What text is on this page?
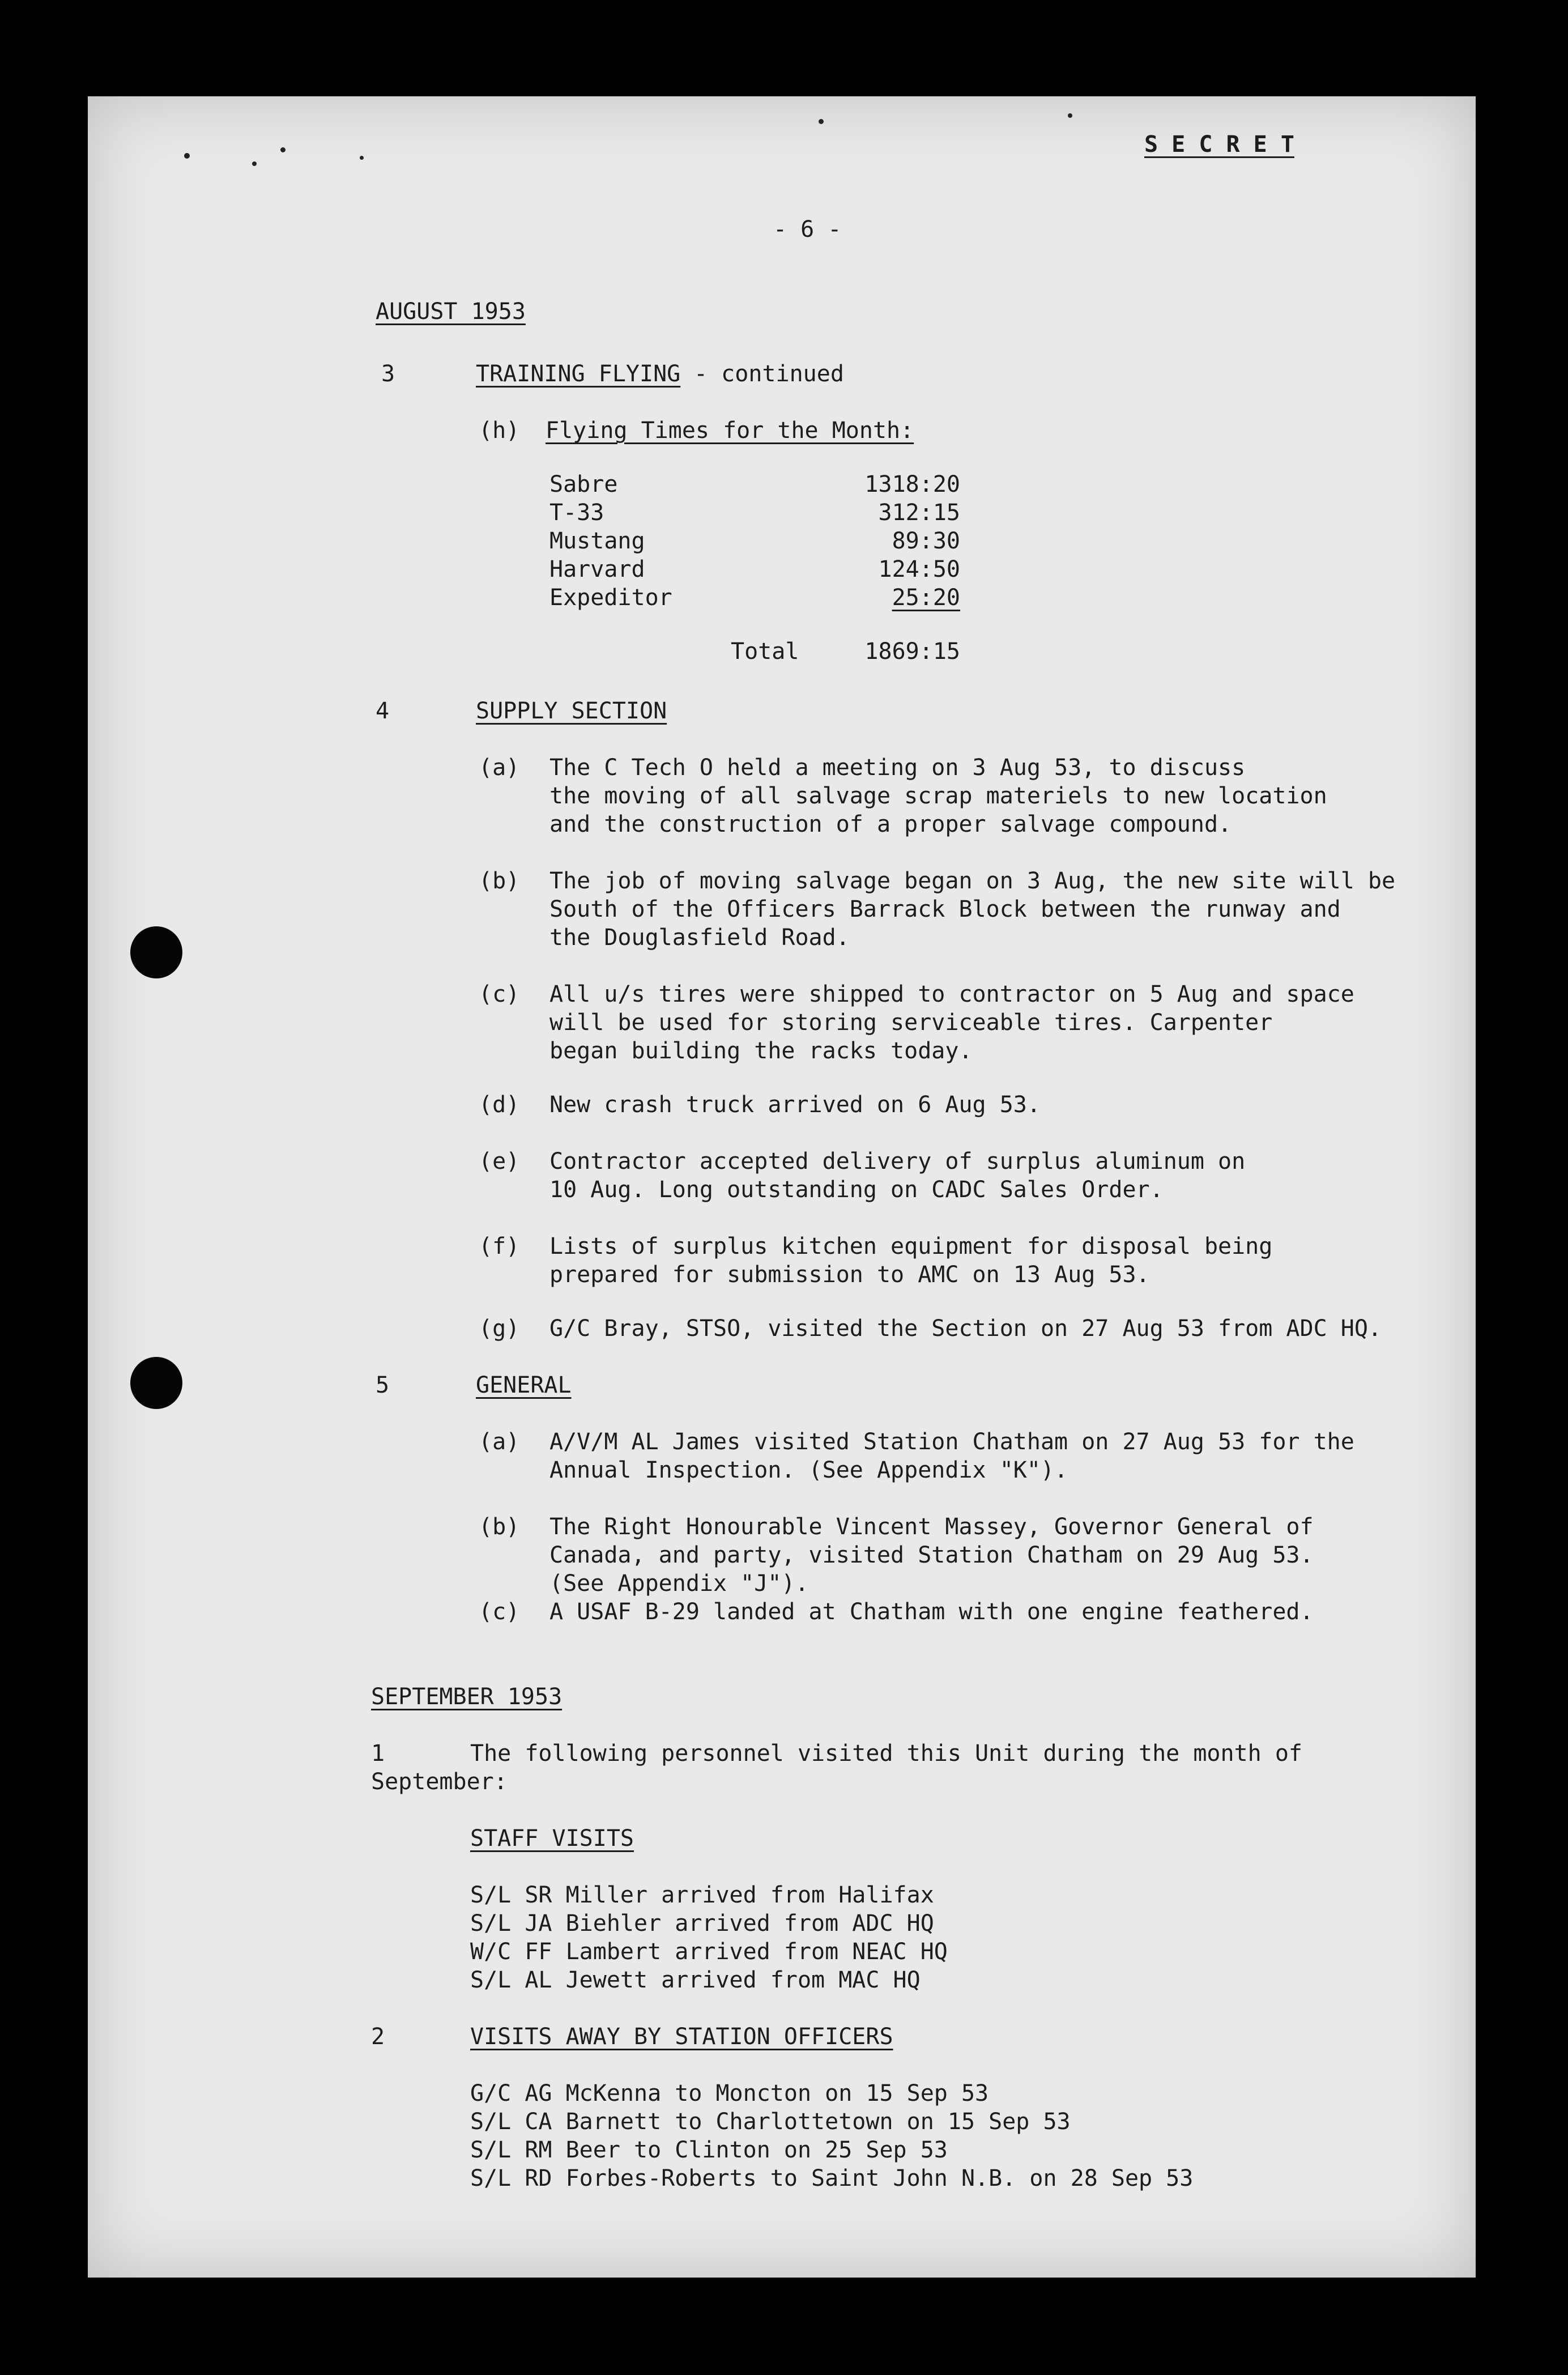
S E C R E T
- 6 -
AUGUST 1953
3	TRAINING FLYING - continued
(h) Flying Times for the Month:
Sabre	1318:20
T-33	312:15
Mustang	89:30
Harvard	124:50
Expeditor	25:20
Total	1869:15
4	SUPPLY SECTION
(a) The C Tech O held a meeting on 3 Aug 53, to discuss
the moving of all salvage scrap materiels to new location
and the construction of a proper salvage compound.
(b) The job of moving salvage began on 3 Aug, the new site will be
South of the Officers Barrack Block between the runway and
the Douglasfield Road.
(c) All u/s tires were shipped to contractor on 5 Aug and space
will be used for storing serviceable tires. Carpenter
began building the racks today.
(d) New crash truck arrived on 6 Aug 53.
(e) Contractor accepted delivery of surplus aluminum on
10 Aug. Long outstanding on CADC Sales Order.
(f) Lists of surplus kitchen equipment for disposal being
prepared for submission to AMC on 13 Aug 53.
(g) G/C Bray, STSO, visited the Section on 27 Aug 53 from ADC HQ.
5	GENERAL
(a) A/V/M AL James visited Station Chatham on 27 Aug 53 for the
Annual Inspection. (See Appendix "K").
(b) The Right Honourable Vincent Massey, Governor General of
Canada, and party, visited Station Chatham on 29 Aug 53.
(See Appendix "J").
(c) A USAF B-29 landed at Chatham with one engine feathered.
SEPTEMBER 1953
1	The following personnel visited this Unit during the month of
September:
STAFF VISITS
S/L SR Miller arrived from Halifax
S/L JA Biehler arrived from ADC HQ
W/C FF Lambert arrived from NEAC HQ
S/L AL Jewett arrived from MAC HQ
2	VISITS AWAY BY STATION OFFICERS
G/C AG McKenna to Moncton on 15 Sep 53
S/L CA Barnett to Charlottetown on 15 Sep 53
S/L RM Beer to Clinton on 25 Sep 53
S/L RD Forbes-Roberts to Saint John N.B. on 28 Sep 53
